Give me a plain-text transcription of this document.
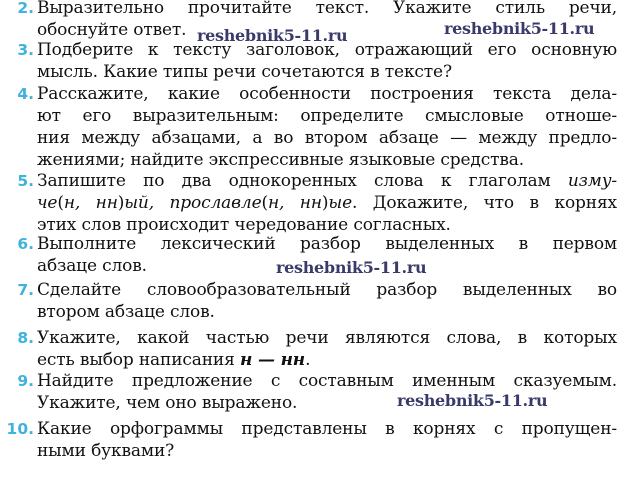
2. Выразительно прочитайте текст. Укажите стиль речи,
обоснуйте ответ.
3. Подберите к тексту заголовок, отражающий его основную
мысль. Какие типы речи сочетаются в тексте?
4. Расскажите, какие особенности построения текста дела-
ют его выразительным: определите смысловые отноше-
ния между абзацами, а во втором абзаце — между предло-
жениями; найдите экспрессивные языковые средства.
5. Запишите по два однокоренных слова к глаголам изму-
че(н, нн)ый, прославле(н, нн)ые. Докажите, что в корнях
этих слов происходит чередование согласных.
6. Выполните лексический разбор выделенных в первом
абзаце слов.
7. Сделайте словообразовательный разбор выделенных во
втором абзаце слов.
8. Укажите, какой частью речи являются слова, в которых
есть выбор написания н — нн.
9. Найдите предложение с составным именным сказуемым.
Укажите, чем оно выражено.
10. Какие орфограммы представлены в корнях с пропущен-
ными буквами?
reshebnik5-11.ru	reshebnik5-11.ru
reshebnik5-11.ru
reshebnik5-11.ru
